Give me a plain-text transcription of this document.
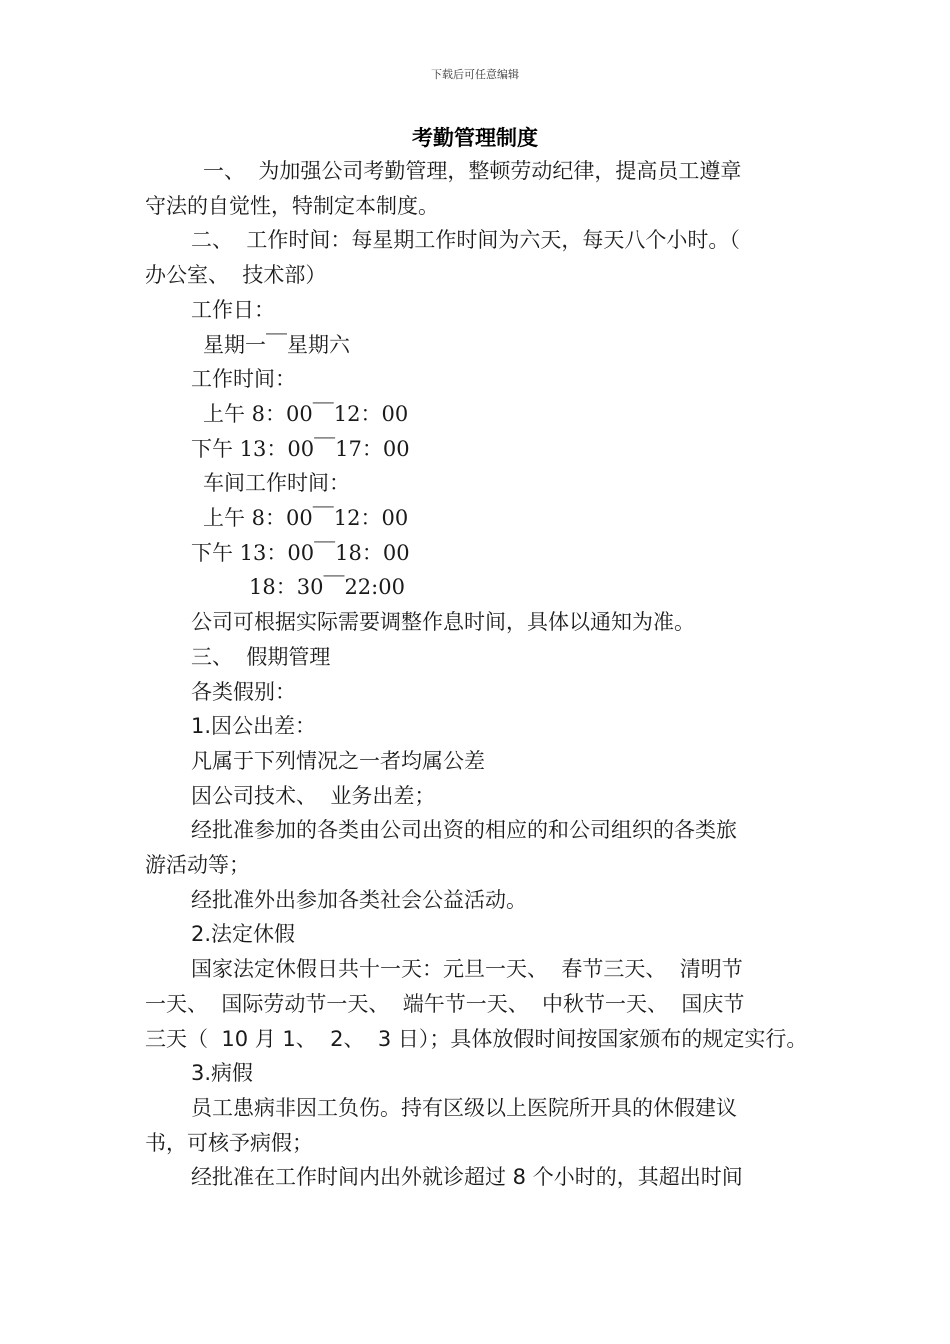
下载后可任意编辑
考勤管理制度

一、  为加强公司考勤管理，整顿劳动纪律，提高员工遵章

守法的自觉性，特制定本制度。

二、  工作时间：每星期工作时间为六天，每天八个小时。（

办公室、  技术部）

工作日：

星期一￣星期六

工作时间：

上午 8：00￣12：00

下午 13：00￣17：00

车间工作时间：

上午 8：00￣12：00

下午 13：00￣18：00

18：30￣22:00

公司可根据实际需要调整作息时间，具体以通知为准。

三、  假期管理

各类假别：

1.因公出差：

凡属于下列情况之一者均属公差

因公司技术、  业务出差；

经批准参加的各类由公司出资的相应的和公司组织的各类旅

游活动等；

经批准外出参加各类社会公益活动。

2.法定休假

国家法定休假日共十一天：元旦一天、  春节三天、  清明节

一天、  国际劳动节一天、  端午节一天、  中秋节一天、  国庆节

三天（  10 月 1、  2、  3 日）；具体放假时间按国家颁布的规定实行。

3.病假

员工患病非因工负伤。持有区级以上医院所开具的休假建议

书，可核予病假；

经批准在工作时间内出外就诊超过 8 个小时的，其超出时间
